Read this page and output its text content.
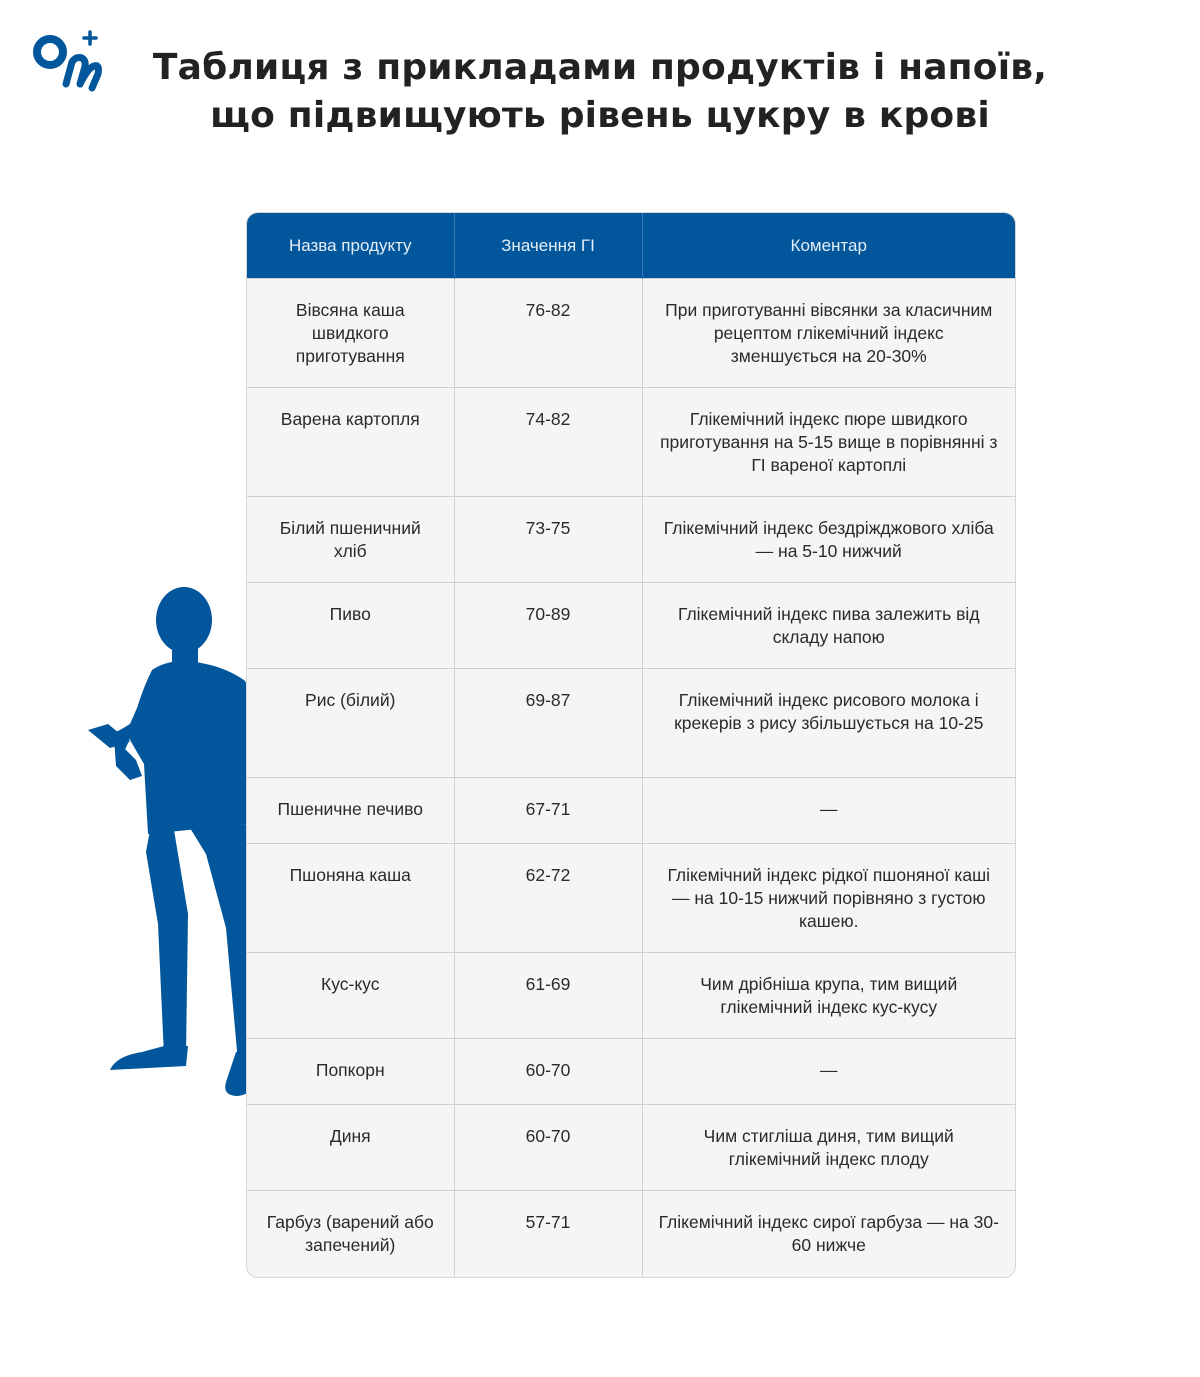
Таблиця з прикладами продуктів і напоїв,
що підвищують рівень цукру в крові
Назва продукту	Значення ГІ	Коментар
Вівсяна каша швидкого приготування	76-82	При приготуванні вівсянки за класичним рецептом глікемічний індекс зменшується на 20-30%
Варена картопля	74-82	Глікемічний індекс пюре швидкого приготування на 5-15 вище в порівнянні з ГІ вареної картоплі
Білий пшеничний хліб	73-75	Глікемічний індекс бездріжджового хліба — на 5-10 нижчий
Пиво	70-89	Глікемічний індекс пива залежить від складу напою
Рис (білий)	69-87	Глікемічний індекс рисового молока і крекерів з рису збільшується на 10-25
Пшеничне печиво	67-71	—
Пшоняна каша	62-72	Глікемічний індекс рідкої пшоняної каші — на 10-15 нижчий порівняно з густою кашею.
Кус-кус	61-69	Чим дрібніша крупа, тим вищий глікемічний індекс кус-кусу
Попкорн	60-70	—
Диня	60-70	Чим стигліша диня, тим вищий глікемічний індекс плоду
Гарбуз (варений або запечений)	57-71	Глікемічний індекс сирої гарбуза — на 30-60 нижче
